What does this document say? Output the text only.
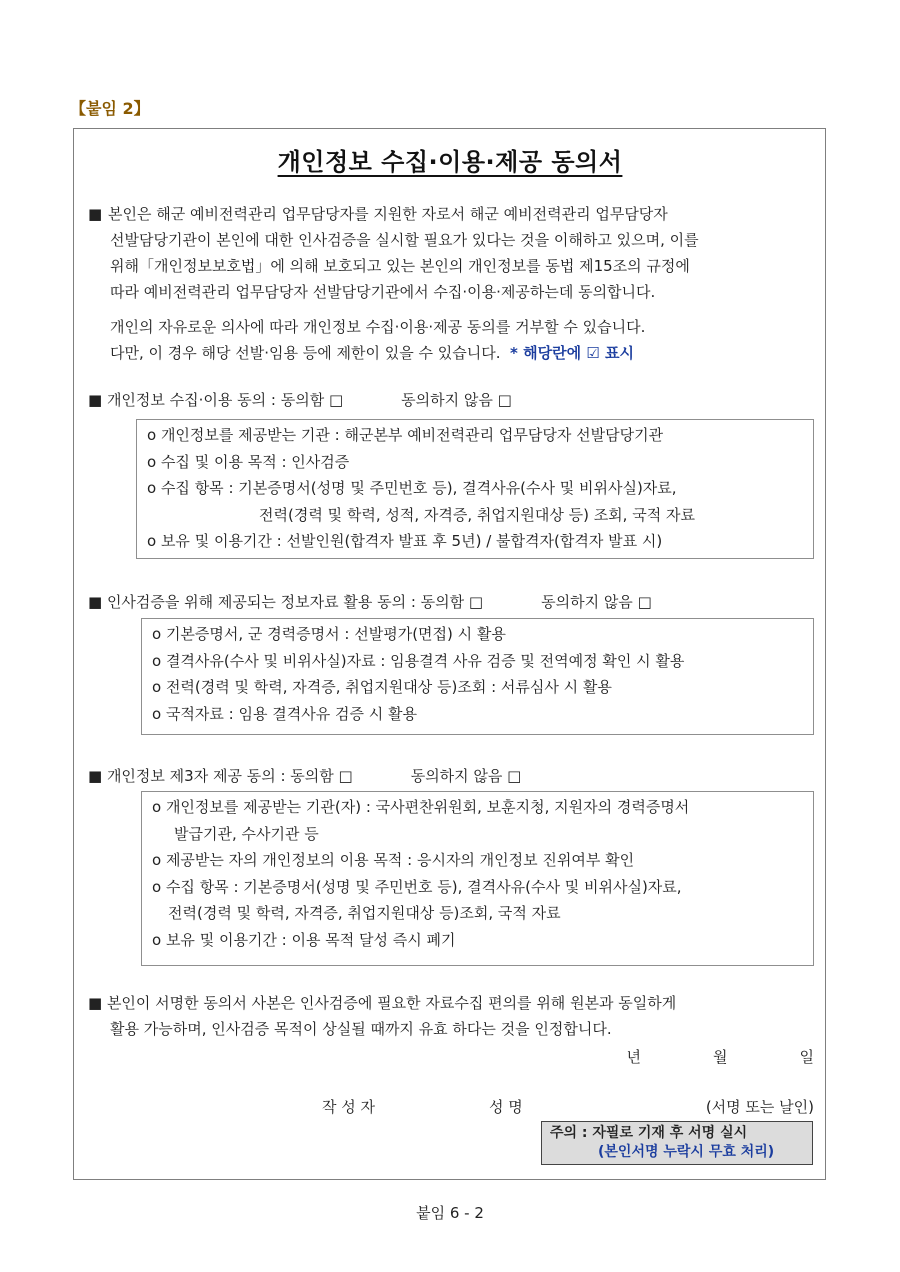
【붙임 2】
개인정보 수집·이용·제공 동의서
■ 본인은 해군 예비전력관리 업무담당자를 지원한 자로서 해군 예비전력관리 업무담당자
선발담당기관이 본인에 대한 인사검증을 실시할 필요가 있다는 것을 이해하고 있으며, 이를
위해「개인정보보호법」에 의해 보호되고 있는 본인의 개인정보를 동법 제15조의 규정에
따라 예비전력관리 업무담당자 선발담당기관에서 수집·이용·제공하는데 동의합니다.
개인의 자유로운 의사에 따라 개인정보 수집·이용·제공 동의를 거부할 수 있습니다.
다만, 이 경우 해당 선발·임용 등에 제한이 있을 수 있습니다. * 해당란에 ☑ 표시
■ 개인정보 수집·이용 동의 : 동의함 □	동의하지 않음 □
o 개인정보를 제공받는 기관 : 해군본부 예비전력관리 업무담당자 선발담당기관
o 수집 및 이용 목적 : 인사검증
o 수집 항목 : 기본증명서(성명 및 주민번호 등), 결격사유(수사 및 비위사실)자료,
전력(경력 및 학력, 성적, 자격증, 취업지원대상 등) 조회, 국적 자료
o 보유 및 이용기간 : 선발인원(합격자 발표 후 5년) / 불합격자(합격자 발표 시)
■ 인사검증을 위해 제공되는 정보자료 활용 동의 : 동의함 □	동의하지 않음 □
o 기본증명서, 군 경력증명서 : 선발평가(면접) 시 활용
o 결격사유(수사 및 비위사실)자료 : 임용결격 사유 검증 및 전역예정 확인 시 활용
o 전력(경력 및 학력, 자격증, 취업지원대상 등)조회 : 서류심사 시 활용
o 국적자료 : 임용 결격사유 검증 시 활용
■ 개인정보 제3자 제공 동의 : 동의함 □	동의하지 않음 □
o 개인정보를 제공받는 기관(자) : 국사편찬위원회, 보훈지청, 지원자의 경력증명서
발급기관, 수사기관 등
o 제공받는 자의 개인정보의 이용 목적 : 응시자의 개인정보 진위여부 확인
o 수집 항목 : 기본증명서(성명 및 주민번호 등), 결격사유(수사 및 비위사실)자료,
전력(경력 및 학력, 자격증, 취업지원대상 등)조회, 국적 자료
o 보유 및 이용기간 : 이용 목적 달성 즉시 폐기
■ 본인이 서명한 동의서 사본은 인사검증에 필요한 자료수집 편의를 위해 원본과 동일하게
활용 가능하며, 인사검증 목적이 상실될 때까지 유효 하다는 것을 인정합니다.
년	월	일
작 성 자	성 명	(서명 또는 날인)
주의 : 자필로 기재 후 서명 실시
(본인서명 누락시 무효 처리)
붙임 6 - 2
